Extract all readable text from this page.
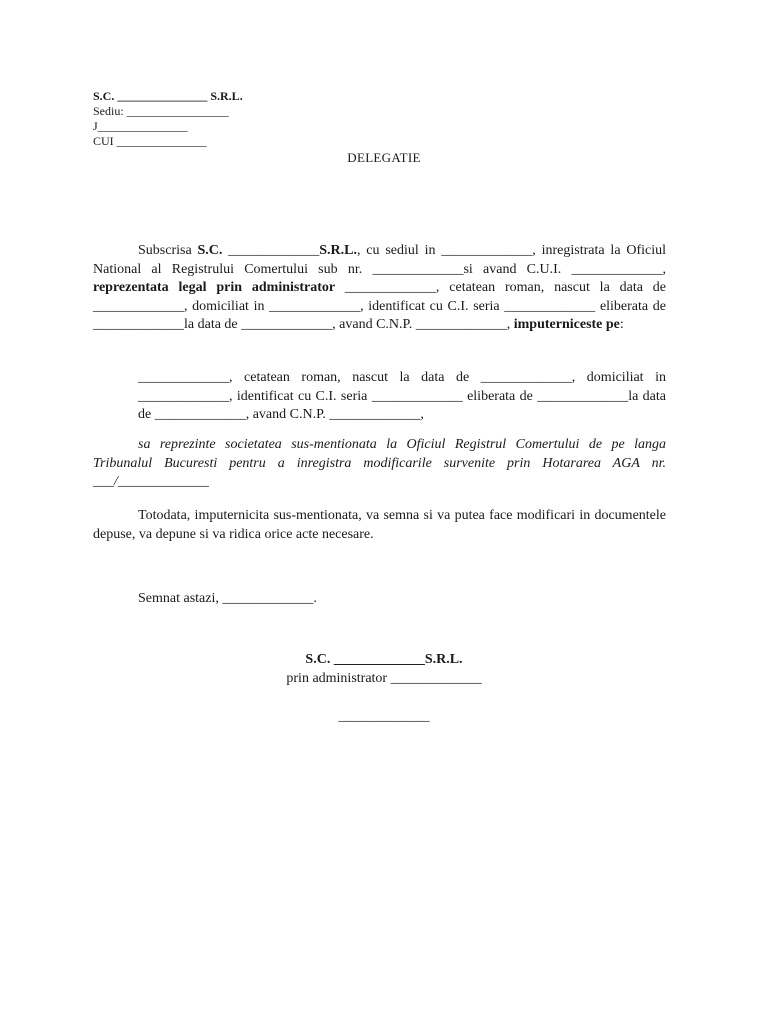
S.C. _______________ S.R.L.
Sediu: _________________
J_______________
CUI _______________
DELEGATIE
Subscrisa S.C. _____________S.R.L., cu sediul in _____________, inregistrata la Oficiul National al Registrului Comertului sub nr. _____________si avand C.U.I. _____________, reprezentata legal prin administrator _____________, cetatean roman, nascut la data de _____________, domiciliat in _____________, identificat cu C.I. seria _____________ eliberata de _____________la data de _____________, avand C.N.P. _____________, imputerniceste pe:
_____________, cetatean roman, nascut la data de _____________, domiciliat in _____________, identificat cu C.I. seria _____________ eliberata de _____________la data de _____________, avand C.N.P. _____________,
sa reprezinte societatea sus-mentionata la Oficiul Registrul Comertului de pe langa Tribunalul Bucuresti pentru a inregistra modificarile survenite prin Hotararea AGA nr. ___/_____________
Totodata, imputernicita sus-mentionata, va semna si va putea face modificari in documentele depuse, va depune si va ridica orice acte necesare.
Semnat astazi, _____________.
S.C. _____________S.R.L.
prin administrator _____________
_____________
